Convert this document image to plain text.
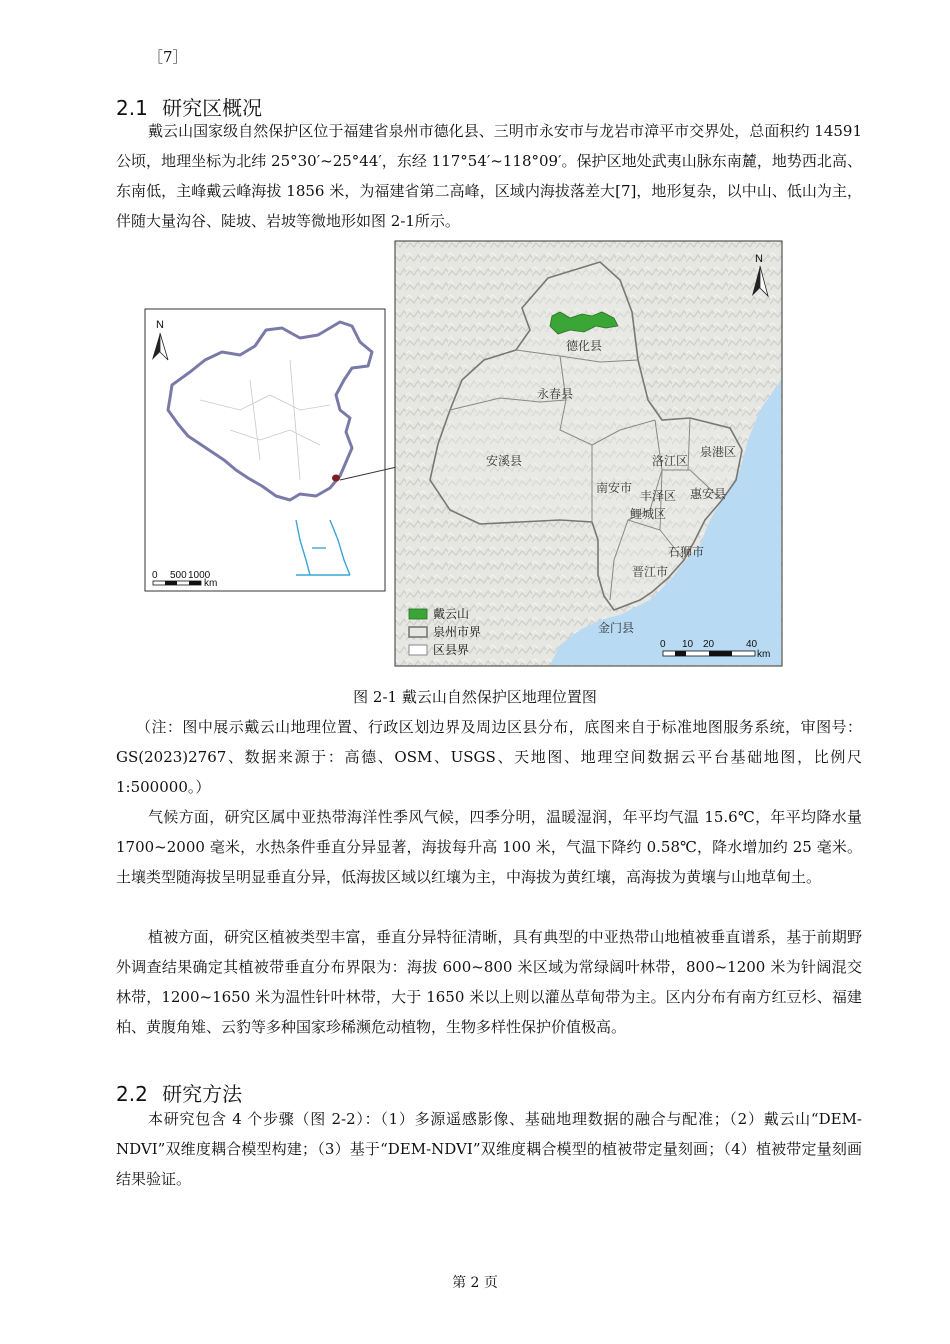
［7］
2.1 研究区概况

戴云山国家级自然保护区位于福建省泉州市德化县、三明市永安市与龙岩市漳平市交界处，总面积约 14591 公顷，地理坐标为北纬 25°30′~25°44′，东经 117°54′~118°09′。保护区地处武夷山脉东南麓，地势西北高、东南低，主峰戴云峰海拔 1856 米，为福建省第二高峰，区域内海拔落差大[7]，地形复杂，以中山、低山为主，伴随大量沟谷、陡坡、岩坡等微地形如图 2-1所示。

N
0 500 1000
km
德化县
永春县
安溪县	洛江区
泉港区
南安市
丰泽区 惠安县
鲤城区
石狮市
晋江市
金门县
N
戴云山
泉州市界
区县界	0 10 20	40
km
图 2-1 戴云山自然保护区地理位置图

（注：图中展示戴云山地理位置、行政区划边界及周边区县分布，底图来自于标准地图服务系统，审图号：GS(2023)2767、数据来源于：高德、OSM、USGS、天地图、地理空间数据云平台基础地图，比例尺 1:500000。）

气候方面，研究区属中亚热带海洋性季风气候，四季分明，温暖湿润，年平均气温 15.6℃，年平均降水量 1700~2000 毫米，水热条件垂直分异显著，海拔每升高 100 米，气温下降约 0.58℃，降水增加约 25 毫米。土壤类型随海拔呈明显垂直分异，低海拔区域以红壤为主，中海拔为黄红壤，高海拔为黄壤与山地草甸土。

植被方面，研究区植被类型丰富，垂直分异特征清晰，具有典型的中亚热带山地植被垂直谱系，基于前期野外调查结果确定其植被带垂直分布界限为：海拔 600~800 米区域为常绿阔叶林带，800~1200 米为针阔混交林带，1200~1650 米为温性针叶林带，大于 1650 米以上则以灌丛草甸带为主。区内分布有南方红豆杉、福建柏、黄腹角雉、云豹等多种国家珍稀濒危动植物，生物多样性保护价值极高。

2.2 研究方法

本研究包含 4 个步骤（图 2-2）：（1）多源遥感影像、基础地理数据的融合与配准；（2）戴云山“DEM-NDVI”双维度耦合模型构建；（3）基于“DEM-NDVI”双维度耦合模型的植被带定量刻画；（4）植被带定量刻画结果验证。

第 2 页
